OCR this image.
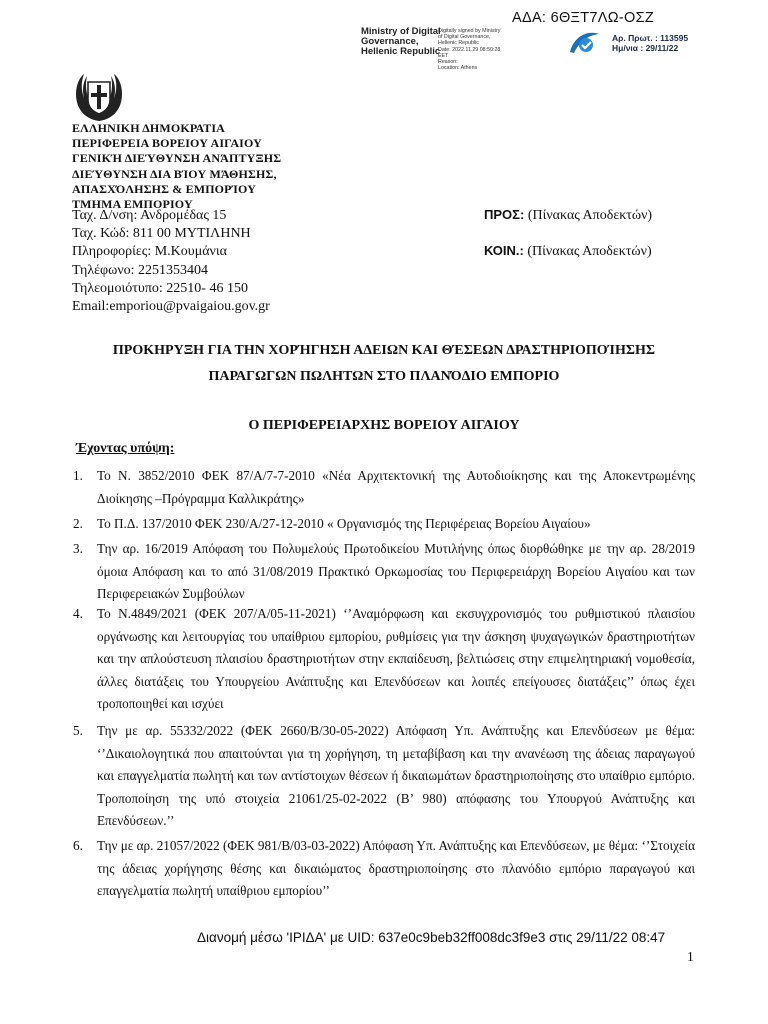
ΑΔΑ: 6ΘΞΤ7ΛΩ-ΟΣΖ
Ministry of Digital
Governance,
Hellenic Republic
Digitally signed by Ministry
of Digital Governance,
Hellenic Republic
Date: 2022.11.29 08:50:28
EET
Reason:
Location: Athens
Αρ. Πρωτ. : 113595
Ημ/νια : 29/11/22
ΕΛΛΗΝΙΚΗ ΔΗΜΟΚΡΑΤΙΑ
ΠΕΡΙΦΕΡΕΙΑ ΒΟΡΕΙΟΥ ΑΙΓΑΙΟΥ
ΓΕΝΙΚΉ ΔΙΕΎΘΥΝΣΗ ΑΝΆΠΤΥΞΗΣ
ΔΙΕΎΘΥΝΣΗ ΔΙΑ ΒΊΟΥ ΜΆΘΗΣΗΣ,
ΑΠΑΣΧΌΛΗΣΗΣ & ΕΜΠΟΡΊΟΥ
ΤΜΗΜΑ ΕΜΠΟΡΙΟΥ
Ταχ. Δ/νση: Ανδρομέδας 15
Ταχ. Κώδ: 811 00 ΜΥΤΙΛΗΝΗ
Πληροφορίες: Μ.Κουμάνια
Τηλέφωνο: 2251353404
Τηλεομοιότυπο: 22510- 46 150
Email:emporiou@pvaigaiou.gov.gr
ΠΡΟΣ: (Πίνακας Αποδεκτών)
ΚΟΙΝ.: (Πίνακας Αποδεκτών)
ΠΡΟΚΗΡΥΞΗ ΓΙΑ ΤΗΝ ΧΟΡΉΓΗΣΗ ΑΔΕΙΩΝ ΚΑΙ ΘΈΣΕΩΝ ΔΡΑΣΤΗΡΙΟΠΟΊΗΣΗΣ
ΠΑΡΑΓΩΓΩΝ ΠΩΛΗΤΩΝ ΣΤΟ ΠΛΑΝΌΔΙΟ ΕΜΠΟΡΙΟ
Ο ΠΕΡΙΦΕΡΕΙΑΡΧΗΣ ΒΟΡΕΙΟΥ ΑΙΓΑΙΟΥ
Έχοντας υπόψη:
1. Το Ν. 3852/2010 ΦΕΚ 87/Α/7-7-2010 «Νέα Αρχιτεκτονική της Αυτοδιοίκησης και της Αποκεντρωμένης Διοίκησης –Πρόγραμμα Καλλικράτης»
2. Το Π.Δ. 137/2010 ΦΕΚ 230/Α/27-12-2010 « Οργανισμός της Περιφέρειας Βορείου Αιγαίου»
3. Την αρ. 16/2019 Απόφαση του Πολυμελούς Πρωτοδικείου Μυτιλήνης όπως διορθώθηκε με την αρ. 28/2019 όμοια Απόφαση και το από 31/08/2019 Πρακτικό Ορκωμοσίας του Περιφερειάρχη Βορείου Αιγαίου και των Περιφερειακών Συμβούλων
4. Το Ν.4849/2021 (ΦΕΚ 207/Α/05-11-2021) ‘’Αναμόρφωση και εκσυγχρονισμός του ρυθμιστικού πλαισίου οργάνωσης και λειτουργίας του υπαίθριου εμπορίου, ρυθμίσεις για την άσκηση ψυχαγωγικών δραστηριοτήτων και την απλούστευση πλαισίου δραστηριοτήτων στην εκπαίδευση, βελτιώσεις στην επιμελητηριακή νομοθεσία, άλλες διατάξεις του Υπουργείου Ανάπτυξης και Επενδύσεων και λοιπές επείγουσες διατάξεις’’ όπως έχει τροποποιηθεί και ισχύει
5. Την με αρ. 55332/2022 (ΦΕΚ 2660/Β/30-05-2022) Απόφαση Υπ. Ανάπτυξης και Επενδύσεων με θέμα: ‘’Δικαιολογητικά που απαιτούνται για τη χορήγηση, τη μεταβίβαση και την ανανέωση της άδειας παραγωγού και επαγγελματία πωλητή και των αντίστοιχων θέσεων ή δικαιωμάτων δραστηριοποίησης στο υπαίθριο εμπόριο. Τροποποίηση της υπό στοιχεία 21061/25-02-2022 (Β’ 980) απόφασης του Υπουργού Ανάπτυξης και Επενδύσεων.’’
6. Την με αρ. 21057/2022 (ΦΕΚ 981/Β/03-03-2022) Απόφαση Υπ. Ανάπτυξης και Επενδύσεων, με θέμα: ‘’Στοιχεία της άδειας χορήγησης θέσης και δικαιώματος δραστηριοποίησης στο πλανόδιο εμπόριο παραγωγού και επαγγελματία πωλητή υπαίθριου εμπορίου’’
Διανομή μέσω 'ΙΡΙΔΑ' με UID: 637e0c9beb32ff008dc3f9e3 στις 29/11/22 08:47
1
